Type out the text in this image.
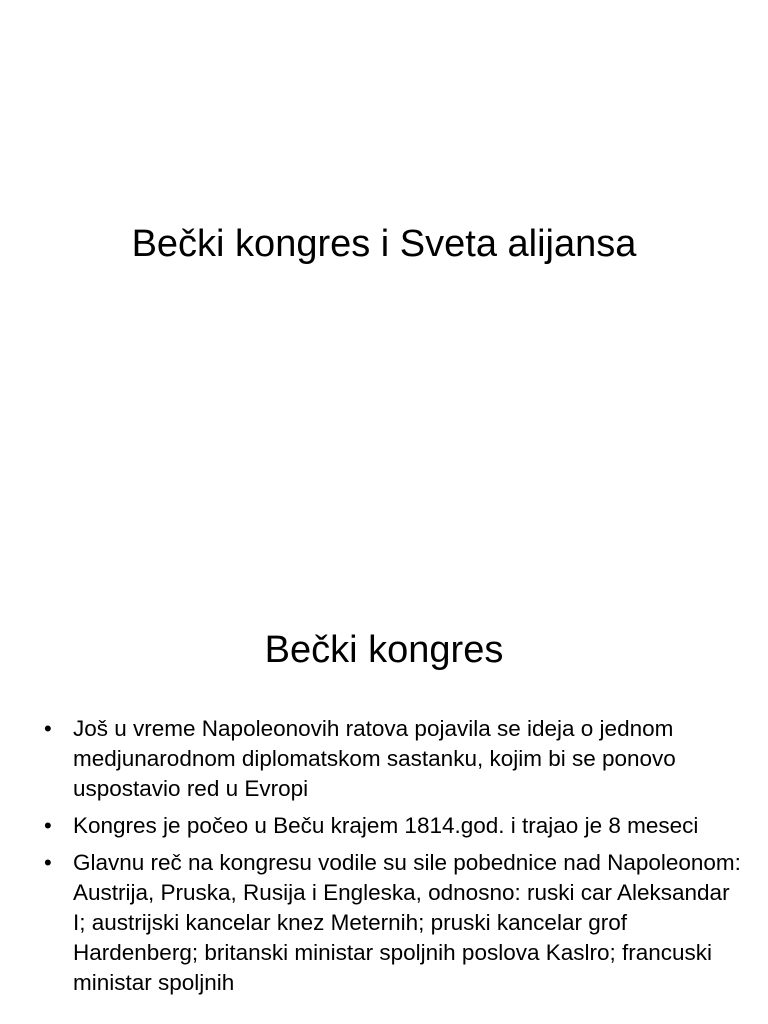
Bečki kongres i Sveta alijansa
Bečki kongres
• Još u vreme Napoleonovih ratova pojavila se ideja o jednom medjunarodnom diplomatskom sastanku, kojim bi se ponovo uspostavio red u Evropi
• Kongres je počeo u Beču krajem 1814.god. i trajao je 8 meseci
• Glavnu reč na kongresu vodile su sile pobednice nad Napoleonom: Austrija, Pruska, Rusija i Engleska, odnosno: ruski car Aleksandar I; austrijski kancelar knez Meternih; pruski kancelar grof Hardenberg; britanski ministar spoljnih poslova Kaslro; francuski ministar spoljnih
